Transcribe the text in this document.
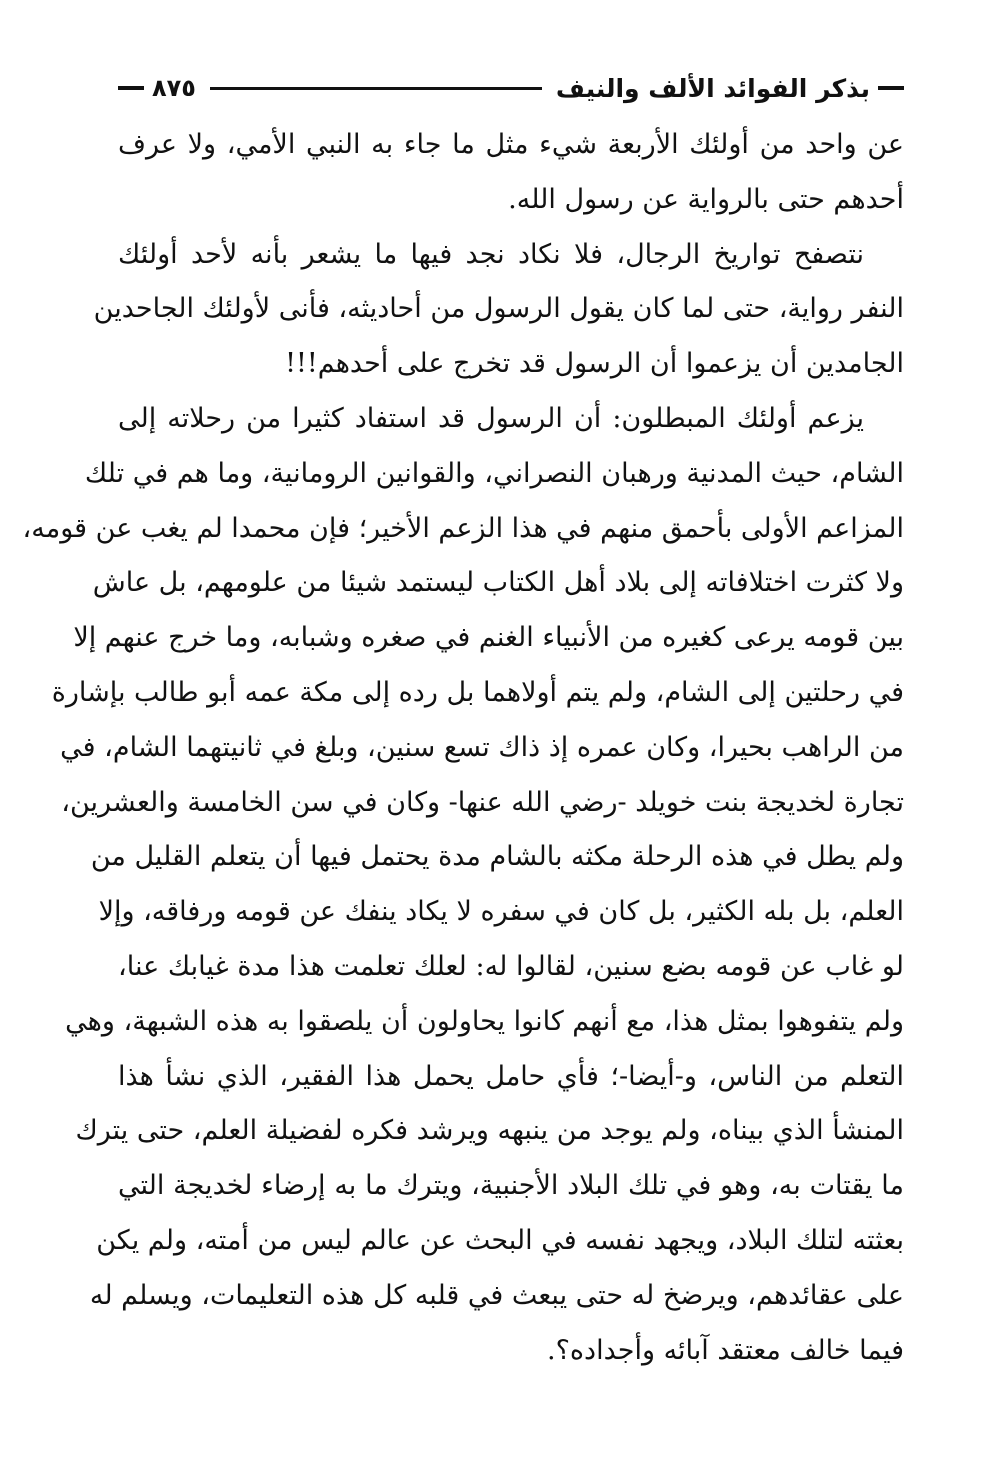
بذكر الفوائد الألف والنيف
٨٧٥
عن واحد من أولئك الأربعة شيء مثل ما جاء به النبي الأمي، ولا عرف
أحدهم حتى بالرواية عن رسول الله.
نتصفح تواريخ الرجال، فلا نكاد نجد فيها ما يشعر بأنه لأحد أولئك
النفر رواية، حتى لما كان يقول الرسول من أحاديثه، فأنى لأولئك الجاحدين
الجامدين أن يزعموا أن الرسول قد تخرج على أحدهم!!!
يزعم أولئك المبطلون: أن الرسول قد استفاد كثيرا من رحلاته إلى
الشام، حيث المدنية ورهبان النصراني، والقوانين الرومانية، وما هم في تلك
المزاعم الأولى بأحمق منهم في هذا الزعم الأخير؛ فإن محمدا لم يغب عن قومه،
ولا كثرت اختلافاته إلى بلاد أهل الكتاب ليستمد شيئا من علومهم، بل عاش
بين قومه يرعى كغيره من الأنبياء الغنم في صغره وشبابه، وما خرج عنهم إلا
في رحلتين إلى الشام، ولم يتم أولاهما بل رده إلى مكة عمه أبو طالب بإشارة
من الراهب بحيرا، وكان عمره إذ ذاك تسع سنين، وبلغ في ثانيتهما الشام، في
تجارة لخديجة بنت خويلد -رضي الله عنها- وكان في سن الخامسة والعشرين،
ولم يطل في هذه الرحلة مكثه بالشام مدة يحتمل فيها أن يتعلم القليل من
العلم، بل بله الكثير، بل كان في سفره لا يكاد ينفك عن قومه ورفاقه، وإلا
لو غاب عن قومه بضع سنين، لقالوا له: لعلك تعلمت هذا مدة غيابك عنا،
ولم يتفوهوا بمثل هذا، مع أنهم كانوا يحاولون أن يلصقوا به هذه الشبهة، وهي
التعلم من الناس، و-أيضا-؛ فأي حامل يحمل هذا الفقير، الذي نشأ هذا
المنشأ الذي بيناه، ولم يوجد من ينبهه ويرشد فكره لفضيلة العلم، حتى يترك
ما يقتات به، وهو في تلك البلاد الأجنبية، ويترك ما به إرضاء لخديجة التي
بعثته لتلك البلاد، ويجهد نفسه في البحث عن عالم ليس من أمته، ولم يكن
على عقائدهم، ويرضخ له حتى يبعث في قلبه كل هذه التعليمات، ويسلم له
فيما خالف معتقد آبائه وأجداده؟.
